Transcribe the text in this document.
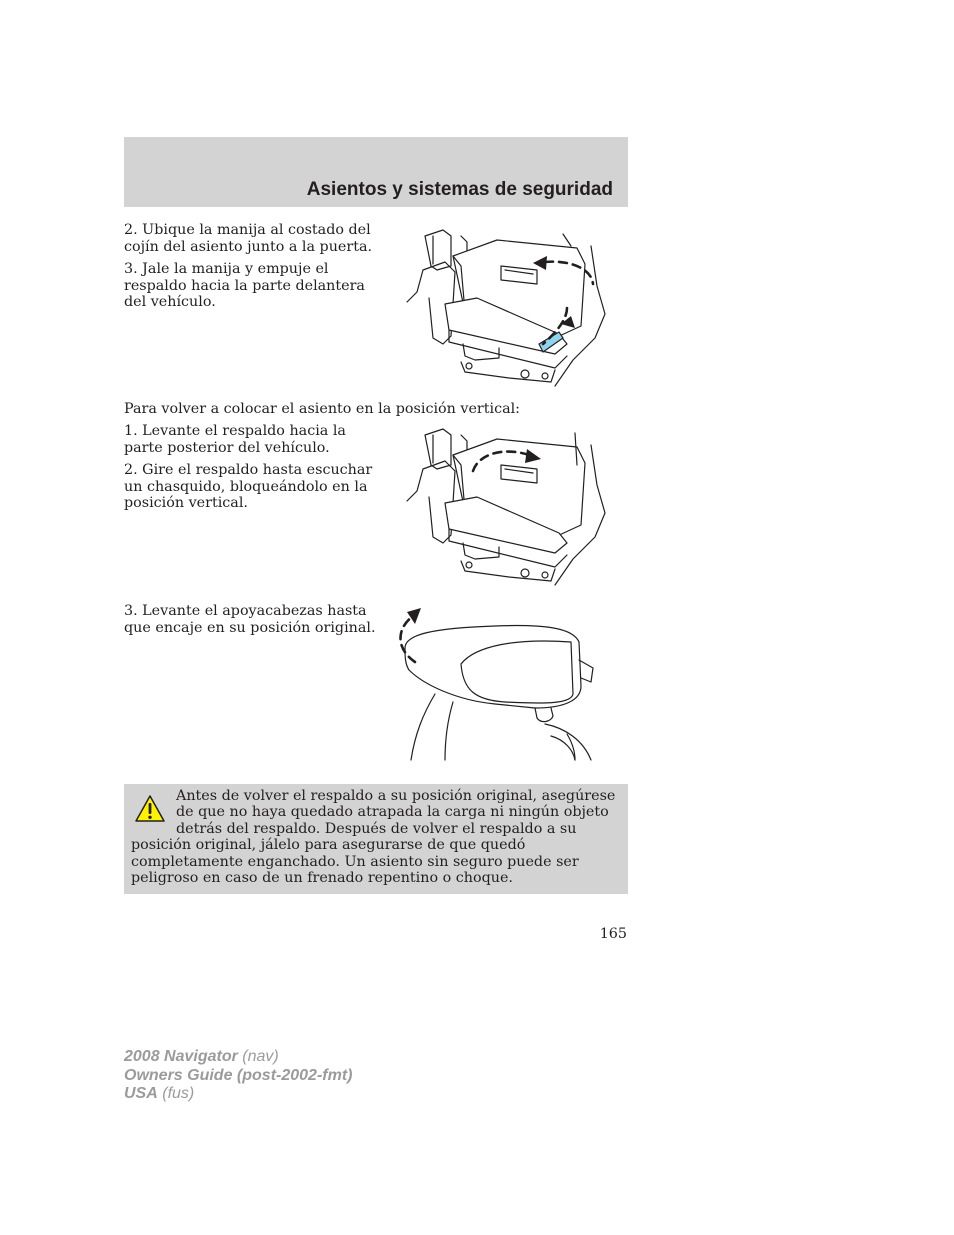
Asientos y sistemas de seguridad

2. Ubique la manija al costado del cojín del asiento junto a la puerta.

3. Jale la manija y empuje el respaldo hacia la parte delantera del vehículo.

Para volver a colocar el asiento en la posición vertical:

1. Levante el respaldo hacia la parte posterior del vehículo.

2. Gire el respaldo hasta escuchar un chasquido, bloqueándolo en la posición vertical.

3. Levante el apoyacabezas hasta que encaje en su posición original.

Antes de volver el respaldo a su posición original, asegúrese de que no haya quedado atrapada la carga ni ningún objeto detrás del respaldo. Después de volver el respaldo a su posición original, jálelo para asegurarse de que quedó completamente enganchado. Un asiento sin seguro puede ser peligroso en caso de un frenado repentino o choque.

165

2008 Navigator (nav)
Owners Guide (post-2002-fmt)
USA (fus)
